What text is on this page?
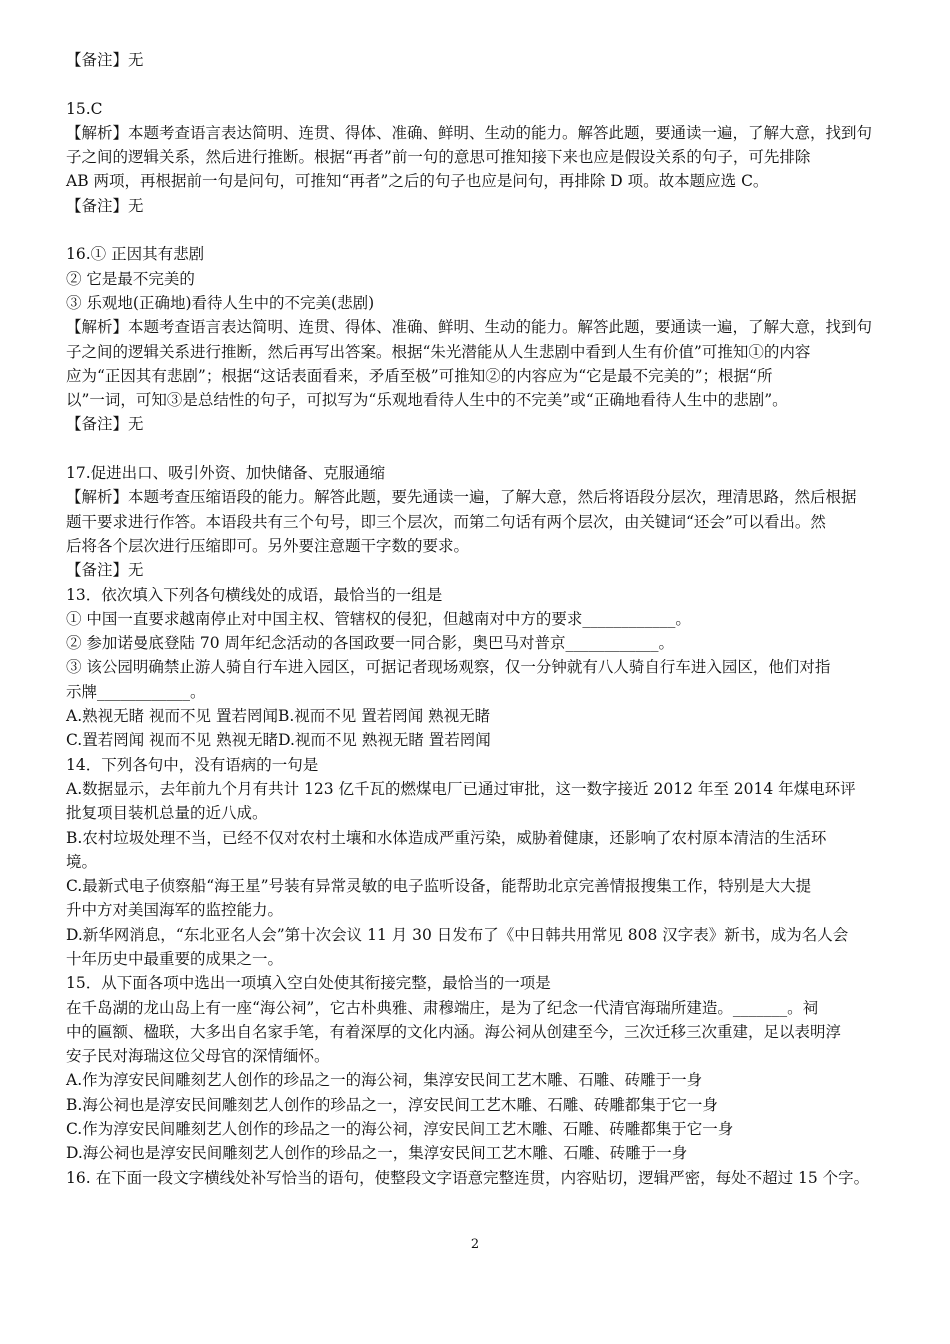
【备注】无
15.C
【解析】本题考查语言表达简明、连贯、得体、准确、鲜明、生动的能力。解答此题，要通读一遍，了解大意，找到句
子之间的逻辑关系，然后进行推断。根据“再者”前一句的意思可推知接下来也应是假设关系的句子，可先排除
AB 两项，再根据前一句是问句，可推知“再者”之后的句子也应是问句，再排除 D 项。故本题应选 C。
【备注】无
16.① 正因其有悲剧
② 它是最不完美的
③ 乐观地(正确地)看待人生中的不完美(悲剧)
【解析】本题考查语言表达简明、连贯、得体、准确、鲜明、生动的能力。解答此题，要通读一遍，了解大意，找到句
子之间的逻辑关系进行推断，然后再写出答案。根据“朱光潜能从人生悲剧中看到人生有价值”可推知①的内容
应为“正因其有悲剧”；根据“这话表面看来，矛盾至极”可推知②的内容应为“它是最不完美的”；根据“所
以”一词，可知③是总结性的句子，可拟写为“乐观地看待人生中的不完美”或“正确地看待人生中的悲剧”。
【备注】无
17.促进出口、吸引外资、加快储备、克服通缩
【解析】本题考查压缩语段的能力。解答此题，要先通读一遍，了解大意，然后将语段分层次，理清思路，然后根据
题干要求进行作答。本语段共有三个句号，即三个层次，而第二句话有两个层次，由关键词“还会”可以看出。然
后将各个层次进行压缩即可。另外要注意题干字数的要求。
【备注】无
13．依次填入下列各句横线处的成语，最恰当的一组是
① 中国一直要求越南停止对中国主权、管辖权的侵犯，但越南对中方的要求____________。
② 参加诺曼底登陆 70 周年纪念活动的各国政要一同合影，奥巴马对普京____________。
③ 该公园明确禁止游人骑自行车进入园区，可据记者现场观察，仅一分钟就有八人骑自行车进入园区，他们对指
示牌____________。
A.熟视无睹 视而不见 置若罔闻B.视而不见 置若罔闻 熟视无睹
C.置若罔闻 视而不见 熟视无睹D.视而不见 熟视无睹 置若罔闻
14．下列各句中，没有语病的一句是
A.数据显示，去年前九个月有共计 123 亿千瓦的燃煤电厂已通过审批，这一数字接近 2012 年至 2014 年煤电环评
批复项目装机总量的近八成。
B.农村垃圾处理不当，已经不仅对农村土壤和水体造成严重污染，威胁着健康，还影响了农村原本清洁的生活环
境。
C.最新式电子侦察船“海王星”号装有异常灵敏的电子监听设备，能帮助北京完善情报搜集工作，特别是大大提
升中方对美国海军的监控能力。
D.新华网消息，“东北亚名人会”第十次会议 11 月 30 日发布了《中日韩共用常见 808 汉字表》新书，成为名人会
十年历史中最重要的成果之一。
15．从下面各项中选出一项填入空白处使其衔接完整，最恰当的一项是
在千岛湖的龙山岛上有一座“海公祠”，它古朴典雅、肃穆端庄，是为了纪念一代清官海瑞所建造。_______。祠
中的匾额、楹联，大多出自名家手笔，有着深厚的文化内涵。海公祠从创建至今，三次迁移三次重建，足以表明淳
安子民对海瑞这位父母官的深情缅怀。
A.作为淳安民间雕刻艺人创作的珍品之一的海公祠，集淳安民间工艺木雕、石雕、砖雕于一身
B.海公祠也是淳安民间雕刻艺人创作的珍品之一，淳安民间工艺木雕、石雕、砖雕都集于它一身
C.作为淳安民间雕刻艺人创作的珍品之一的海公祠，淳安民间工艺木雕、石雕、砖雕都集于它一身
D.海公祠也是淳安民间雕刻艺人创作的珍品之一，集淳安民间工艺木雕、石雕、砖雕于一身
16. 在下面一段文字横线处补写恰当的语句，使整段文字语意完整连贯，内容贴切，逻辑严密，每处不超过 15 个字。
2
